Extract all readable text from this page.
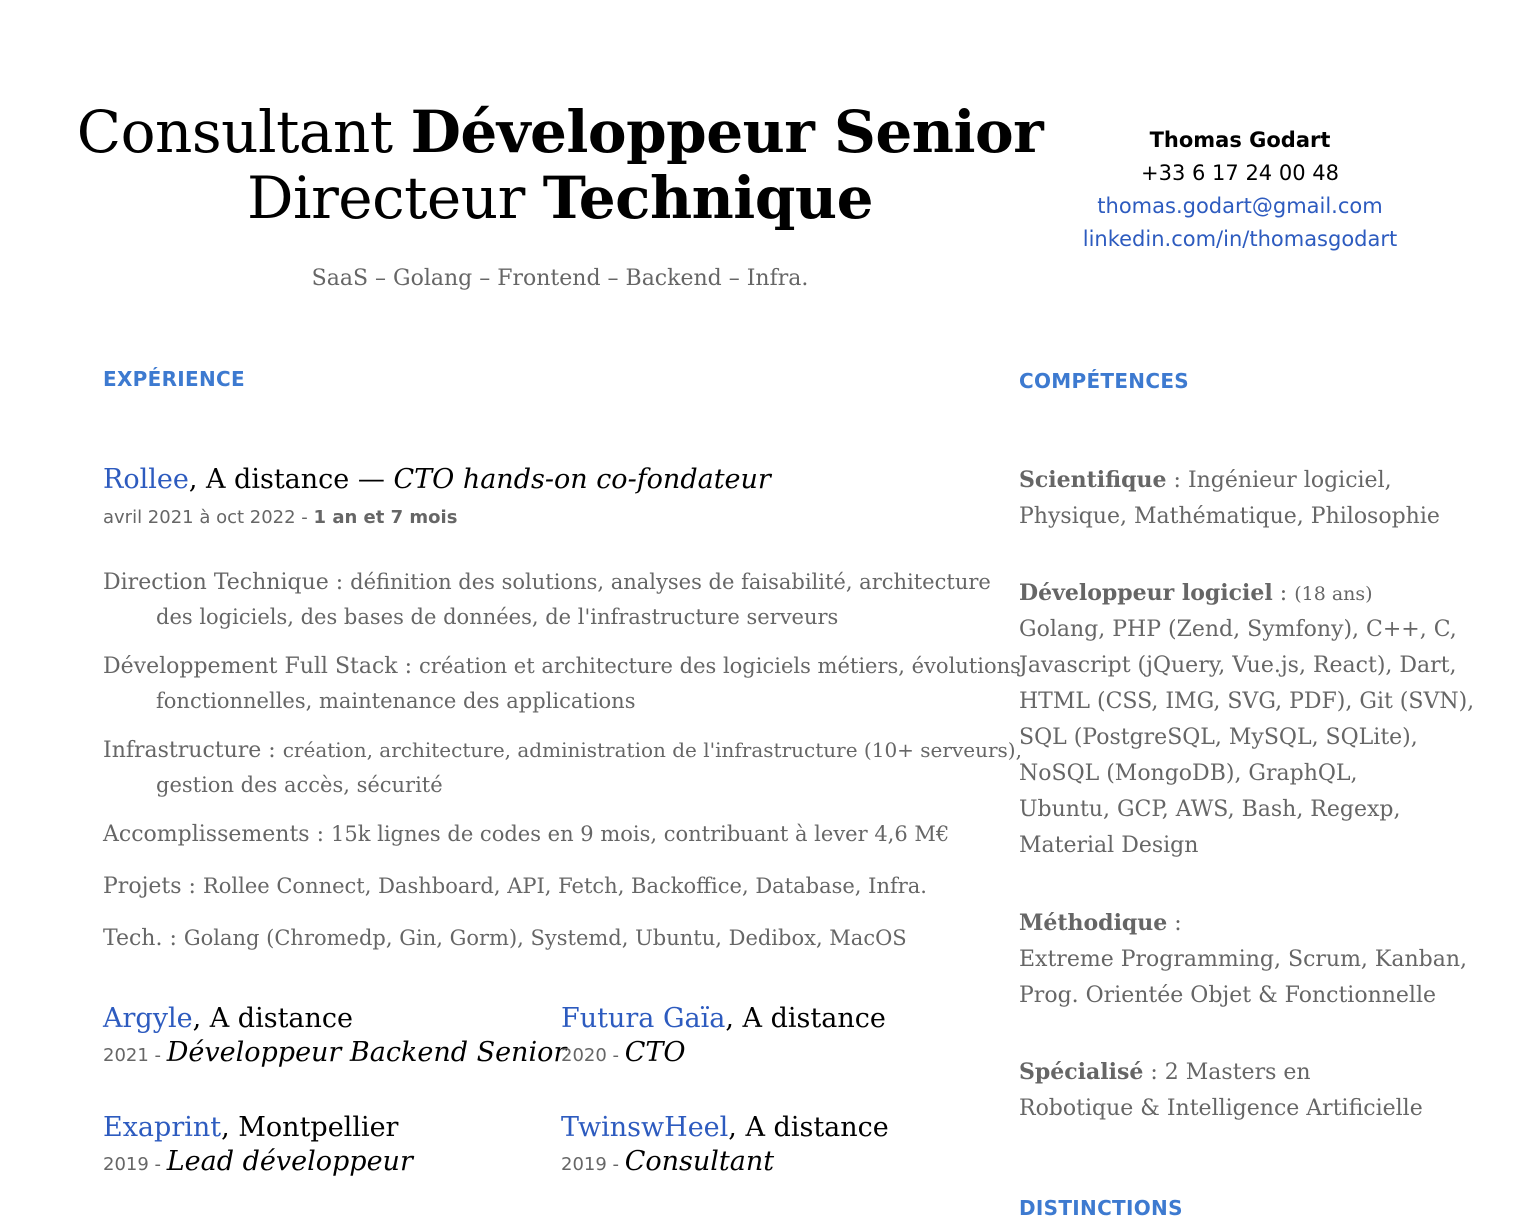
Consultant Développeur Senior
Directeur Technique
SaaS – Golang – Frontend – Backend – Infra.
Thomas Godart
+33 6 17 24 00 48
thomas.godart@gmail.com
linkedin.com/in/thomasgodart
EXPÉRIENCE	COMPÉTENCES
DISTINCTIONS
Rollee, A distance — CTO hands-on co-fondateur
avril 2021 à oct 2022 - 1 an et 7 mois
Direction Technique : définition des solutions, analyses de faisabilité, architecture
des logiciels, des bases de données, de l'infrastructure serveurs
Développement Full Stack : création et architecture des logiciels métiers, évolutions
fonctionnelles, maintenance des applications
Infrastructure : création, architecture, administration de l'infrastructure (10+ serveurs),
gestion des accès, sécurité
Accomplissements : 15k lignes de codes en 9 mois, contribuant à lever 4,6 M€
Projets : Rollee Connect, Dashboard, API, Fetch, Backoffice, Database, Infra.
Tech. : Golang (Chromedp, Gin, Gorm), Systemd, Ubuntu, Dedibox, MacOS
Argyle, A distance
2021 - Développeur Backend Senior
Futura Gaïa, A distance
2020 - CTO
Exaprint, Montpellier
2019 - Lead développeur
TwinswHeel, A distance
2019 - Consultant
Scientifique : Ingénieur logiciel,
Physique, Mathématique, Philosophie
Développeur logiciel : (18 ans)
Golang, PHP (Zend, Symfony), C++, C,
Javascript (jQuery, Vue.js, React), Dart,
HTML (CSS, IMG, SVG, PDF), Git (SVN),
SQL (PostgreSQL, MySQL, SQLite),
NoSQL (MongoDB), GraphQL,
Ubuntu, GCP, AWS, Bash, Regexp,
Material Design
Méthodique :
Extreme Programming, Scrum, Kanban,
Prog. Orientée Objet & Fonctionnelle
Spécialisé : 2 Masters en
Robotique & Intelligence Artificielle
